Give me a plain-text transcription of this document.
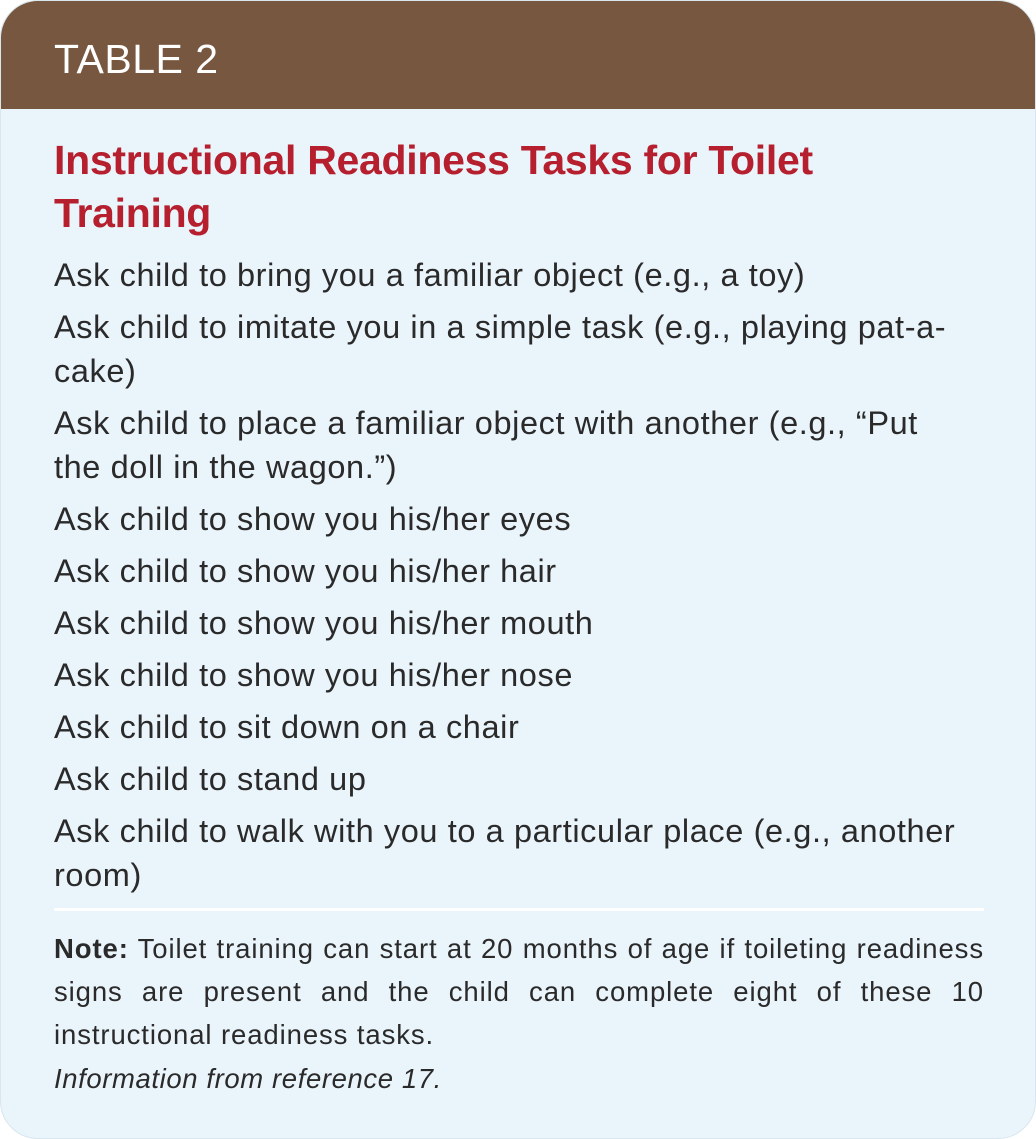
TABLE 2
Instructional Readiness Tasks for Toilet Training
Ask child to bring you a familiar object (e.g., a toy)
Ask child to imitate you in a simple task (e.g., playing pat-a-cake)
Ask child to place a familiar object with another (e.g., “Put the doll in the wagon.”)
Ask child to show you his/her eyes
Ask child to show you his/her hair
Ask child to show you his/her mouth
Ask child to show you his/her nose
Ask child to sit down on a chair
Ask child to stand up
Ask child to walk with you to a particular place (e.g., another room)

Note: Toilet training can start at 20 months of age if toileting readiness signs are present and the child can complete eight of these 10 instructional readiness tasks.

Information from reference 17.
